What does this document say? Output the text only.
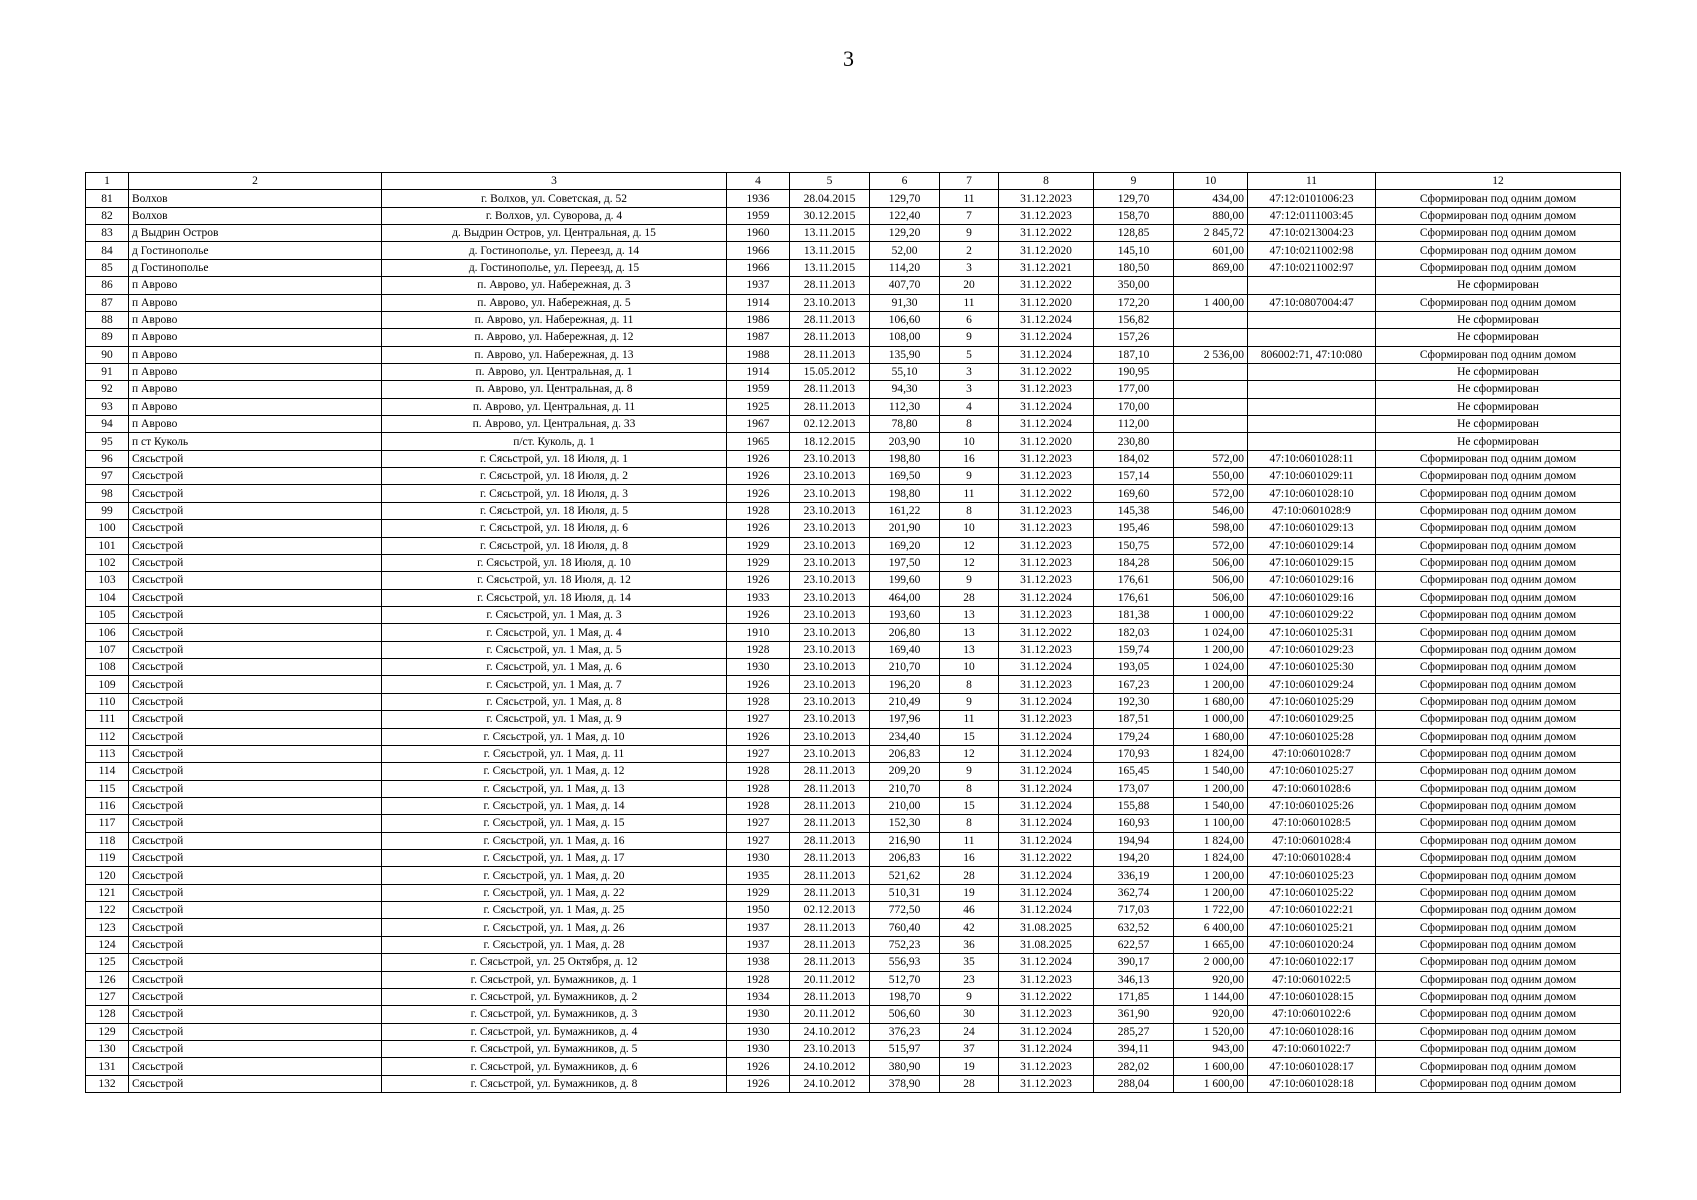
3
1	2	3	4	5	6	7	8	9	10	11	12
81	Волхов	г. Волхов, ул. Советская, д. 52	1936	28.04.2015	129,70	11	31.12.2023	129,70	434,00	47:12:0101006:23	Сформирован под одним домом
82	Волхов	г. Волхов, ул. Суворова, д. 4	1959	30.12.2015	122,40	7	31.12.2023	158,70	880,00	47:12:0111003:45	Сформирован под одним домом
83	д Выдрин Остров	д. Выдрин Остров, ул. Центральная, д. 15	1960	13.11.2015	129,20	9	31.12.2022	128,85	2 845,72	47:10:0213004:23	Сформирован под одним домом
84	д Гостинополье	д. Гостинополье, ул. Переезд, д. 14	1966	13.11.2015	52,00	2	31.12.2020	145,10	601,00	47:10:0211002:98	Сформирован под одним домом
85	д Гостинополье	д. Гостинополье, ул. Переезд, д. 15	1966	13.11.2015	114,20	3	31.12.2021	180,50	869,00	47:10:0211002:97	Сформирован под одним домом
86	п Аврово	п. Аврово, ул. Набережная, д. 3	1937	28.11.2013	407,70	20	31.12.2022	350,00			Не сформирован
87	п Аврово	п. Аврово, ул. Набережная, д. 5	1914	23.10.2013	91,30	11	31.12.2020	172,20	1 400,00	47:10:0807004:47	Сформирован под одним домом
88	п Аврово	п. Аврово, ул. Набережная, д. 11	1986	28.11.2013	106,60	6	31.12.2024	156,82			Не сформирован
89	п Аврово	п. Аврово, ул. Набережная, д. 12	1987	28.11.2013	108,00	9	31.12.2024	157,26			Не сформирован
90	п Аврово	п. Аврово, ул. Набережная, д. 13	1988	28.11.2013	135,90	5	31.12.2024	187,10	2 536,00	806002:71, 47:10:080	Сформирован под одним домом
91	п Аврово	п. Аврово, ул. Центральная, д. 1	1914	15.05.2012	55,10	3	31.12.2022	190,95			Не сформирован
92	п Аврово	п. Аврово, ул. Центральная, д. 8	1959	28.11.2013	94,30	3	31.12.2023	177,00			Не сформирован
93	п Аврово	п. Аврово, ул. Центральная, д. 11	1925	28.11.2013	112,30	4	31.12.2024	170,00			Не сформирован
94	п Аврово	п. Аврово, ул. Центральная, д. 33	1967	02.12.2013	78,80	8	31.12.2024	112,00			Не сформирован
95	п ст Куколь	п/ст. Куколь, д. 1	1965	18.12.2015	203,90	10	31.12.2020	230,80			Не сформирован
96	Сясьстрой	г. Сясьстрой, ул. 18 Июля, д. 1	1926	23.10.2013	198,80	16	31.12.2023	184,02	572,00	47:10:0601028:11	Сформирован под одним домом
97	Сясьстрой	г. Сясьстрой, ул. 18 Июля, д. 2	1926	23.10.2013	169,50	9	31.12.2023	157,14	550,00	47:10:0601029:11	Сформирован под одним домом
98	Сясьстрой	г. Сясьстрой, ул. 18 Июля, д. 3	1926	23.10.2013	198,80	11	31.12.2022	169,60	572,00	47:10:0601028:10	Сформирован под одним домом
99	Сясьстрой	г. Сясьстрой, ул. 18 Июля, д. 5	1928	23.10.2013	161,22	8	31.12.2023	145,38	546,00	47:10:0601028:9	Сформирован под одним домом
100	Сясьстрой	г. Сясьстрой, ул. 18 Июля, д. 6	1926	23.10.2013	201,90	10	31.12.2023	195,46	598,00	47:10:0601029:13	Сформирован под одним домом
101	Сясьстрой	г. Сясьстрой, ул. 18 Июля, д. 8	1929	23.10.2013	169,20	12	31.12.2023	150,75	572,00	47:10:0601029:14	Сформирован под одним домом
102	Сясьстрой	г. Сясьстрой, ул. 18 Июля, д. 10	1929	23.10.2013	197,50	12	31.12.2023	184,28	506,00	47:10:0601029:15	Сформирован под одним домом
103	Сясьстрой	г. Сясьстрой, ул. 18 Июля, д. 12	1926	23.10.2013	199,60	9	31.12.2023	176,61	506,00	47:10:0601029:16	Сформирован под одним домом
104	Сясьстрой	г. Сясьстрой, ул. 18 Июля, д. 14	1933	23.10.2013	464,00	28	31.12.2024	176,61	506,00	47:10:0601029:16	Сформирован под одним домом
105	Сясьстрой	г. Сясьстрой, ул. 1 Мая, д. 3	1926	23.10.2013	193,60	13	31.12.2023	181,38	1 000,00	47:10:0601029:22	Сформирован под одним домом
106	Сясьстрой	г. Сясьстрой, ул. 1 Мая, д. 4	1910	23.10.2013	206,80	13	31.12.2022	182,03	1 024,00	47:10:0601025:31	Сформирован под одним домом
107	Сясьстрой	г. Сясьстрой, ул. 1 Мая, д. 5	1928	23.10.2013	169,40	13	31.12.2023	159,74	1 200,00	47:10:0601029:23	Сформирован под одним домом
108	Сясьстрой	г. Сясьстрой, ул. 1 Мая, д. 6	1930	23.10.2013	210,70	10	31.12.2024	193,05	1 024,00	47:10:0601025:30	Сформирован под одним домом
109	Сясьстрой	г. Сясьстрой, ул. 1 Мая, д. 7	1926	23.10.2013	196,20	8	31.12.2023	167,23	1 200,00	47:10:0601029:24	Сформирован под одним домом
110	Сясьстрой	г. Сясьстрой, ул. 1 Мая, д. 8	1928	23.10.2013	210,49	9	31.12.2024	192,30	1 680,00	47:10:0601025:29	Сформирован под одним домом
111	Сясьстрой	г. Сясьстрой, ул. 1 Мая, д. 9	1927	23.10.2013	197,96	11	31.12.2023	187,51	1 000,00	47:10:0601029:25	Сформирован под одним домом
112	Сясьстрой	г. Сясьстрой, ул. 1 Мая, д. 10	1926	23.10.2013	234,40	15	31.12.2024	179,24	1 680,00	47:10:0601025:28	Сформирован под одним домом
113	Сясьстрой	г. Сясьстрой, ул. 1 Мая, д. 11	1927	23.10.2013	206,83	12	31.12.2024	170,93	1 824,00	47:10:0601028:7	Сформирован под одним домом
114	Сясьстрой	г. Сясьстрой, ул. 1 Мая, д. 12	1928	28.11.2013	209,20	9	31.12.2024	165,45	1 540,00	47:10:0601025:27	Сформирован под одним домом
115	Сясьстрой	г. Сясьстрой, ул. 1 Мая, д. 13	1928	28.11.2013	210,70	8	31.12.2024	173,07	1 200,00	47:10:0601028:6	Сформирован под одним домом
116	Сясьстрой	г. Сясьстрой, ул. 1 Мая, д. 14	1928	28.11.2013	210,00	15	31.12.2024	155,88	1 540,00	47:10:0601025:26	Сформирован под одним домом
117	Сясьстрой	г. Сясьстрой, ул. 1 Мая, д. 15	1927	28.11.2013	152,30	8	31.12.2024	160,93	1 100,00	47:10:0601028:5	Сформирован под одним домом
118	Сясьстрой	г. Сясьстрой, ул. 1 Мая, д. 16	1927	28.11.2013	216,90	11	31.12.2024	194,94	1 824,00	47:10:0601028:4	Сформирован под одним домом
119	Сясьстрой	г. Сясьстрой, ул. 1 Мая, д. 17	1930	28.11.2013	206,83	16	31.12.2022	194,20	1 824,00	47:10:0601028:4	Сформирован под одним домом
120	Сясьстрой	г. Сясьстрой, ул. 1 Мая, д. 20	1935	28.11.2013	521,62	28	31.12.2024	336,19	1 200,00	47:10:0601025:23	Сформирован под одним домом
121	Сясьстрой	г. Сясьстрой, ул. 1 Мая, д. 22	1929	28.11.2013	510,31	19	31.12.2024	362,74	1 200,00	47:10:0601025:22	Сформирован под одним домом
122	Сясьстрой	г. Сясьстрой, ул. 1 Мая, д. 25	1950	02.12.2013	772,50	46	31.12.2024	717,03	1 722,00	47:10:0601022:21	Сформирован под одним домом
123	Сясьстрой	г. Сясьстрой, ул. 1 Мая, д. 26	1937	28.11.2013	760,40	42	31.08.2025	632,52	6 400,00	47:10:0601025:21	Сформирован под одним домом
124	Сясьстрой	г. Сясьстрой, ул. 1 Мая, д. 28	1937	28.11.2013	752,23	36	31.08.2025	622,57	1 665,00	47:10:0601020:24	Сформирован под одним домом
125	Сясьстрой	г. Сясьстрой, ул. 25 Октября, д. 12	1938	28.11.2013	556,93	35	31.12.2024	390,17	2 000,00	47:10:0601022:17	Сформирован под одним домом
126	Сясьстрой	г. Сясьстрой, ул. Бумажников, д. 1	1928	20.11.2012	512,70	23	31.12.2023	346,13	920,00	47:10:0601022:5	Сформирован под одним домом
127	Сясьстрой	г. Сясьстрой, ул. Бумажников, д. 2	1934	28.11.2013	198,70	9	31.12.2022	171,85	1 144,00	47:10:0601028:15	Сформирован под одним домом
128	Сясьстрой	г. Сясьстрой, ул. Бумажников, д. 3	1930	20.11.2012	506,60	30	31.12.2023	361,90	920,00	47:10:0601022:6	Сформирован под одним домом
129	Сясьстрой	г. Сясьстрой, ул. Бумажников, д. 4	1930	24.10.2012	376,23	24	31.12.2024	285,27	1 520,00	47:10:0601028:16	Сформирован под одним домом
130	Сясьстрой	г. Сясьстрой, ул. Бумажников, д. 5	1930	23.10.2013	515,97	37	31.12.2024	394,11	943,00	47:10:0601022:7	Сформирован под одним домом
131	Сясьстрой	г. Сясьстрой, ул. Бумажников, д. 6	1926	24.10.2012	380,90	19	31.12.2023	282,02	1 600,00	47:10:0601028:17	Сформирован под одним домом
132	Сясьстрой	г. Сясьстрой, ул. Бумажников, д. 8	1926	24.10.2012	378,90	28	31.12.2023	288,04	1 600,00	47:10:0601028:18	Сформирован под одним домом
